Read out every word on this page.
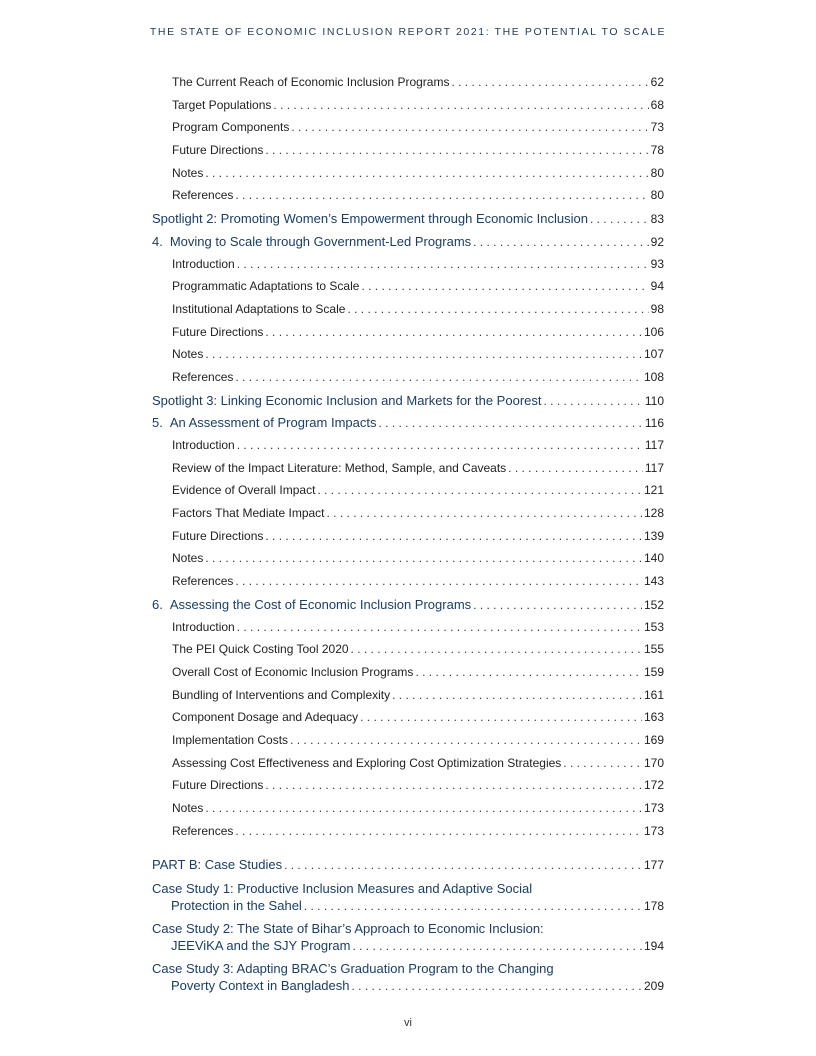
THE STATE OF ECONOMIC INCLUSION REPORT 2021: THE POTENTIAL TO SCALE
The Current Reach of Economic Inclusion Programs . . .	62
Target Populations . . .	68
Program Components . . .	73
Future Directions . . .	78
Notes . . .	80
References . . .	80
Spotlight 2: Promoting Women’s Empowerment through Economic Inclusion . . .	83
4. Moving to Scale through Government-Led Programs . . .	92
Introduction . . .	93
Programmatic Adaptations to Scale . . .	94
Institutional Adaptations to Scale . . .	98
Future Directions . . .	106
Notes . . .	107
References . . .	108
Spotlight 3: Linking Economic Inclusion and Markets for the Poorest . . .	110
5. An Assessment of Program Impacts . . .	116
Introduction . . .	117
Review of the Impact Literature: Method, Sample, and Caveats . . .	117
Evidence of Overall Impact . . .	121
Factors That Mediate Impact . . .	128
Future Directions . . .	139
Notes . . .	140
References . . .	143
6. Assessing the Cost of Economic Inclusion Programs . . .	152
Introduction . . .	153
The PEI Quick Costing Tool 2020 . . .	155
Overall Cost of Economic Inclusion Programs . . .	159
Bundling of Interventions and Complexity . . .	161
Component Dosage and Adequacy . . .	163
Implementation Costs . . .	169
Assessing Cost Effectiveness and Exploring Cost Optimization Strategies . . .	170
Future Directions . . .	172
Notes . . .	173
References . . .	173
PART B: Case Studies . . .	177
Case Study 1: Productive Inclusion Measures and Adaptive Social
Protection in the Sahel . . .	178
Case Study 2: The State of Bihar’s Approach to Economic Inclusion:
JEEViKA and the SJY Program . . .	194
Case Study 3: Adapting BRAC’s Graduation Program to the Changing
Poverty Context in Bangladesh . . .	209
vi
